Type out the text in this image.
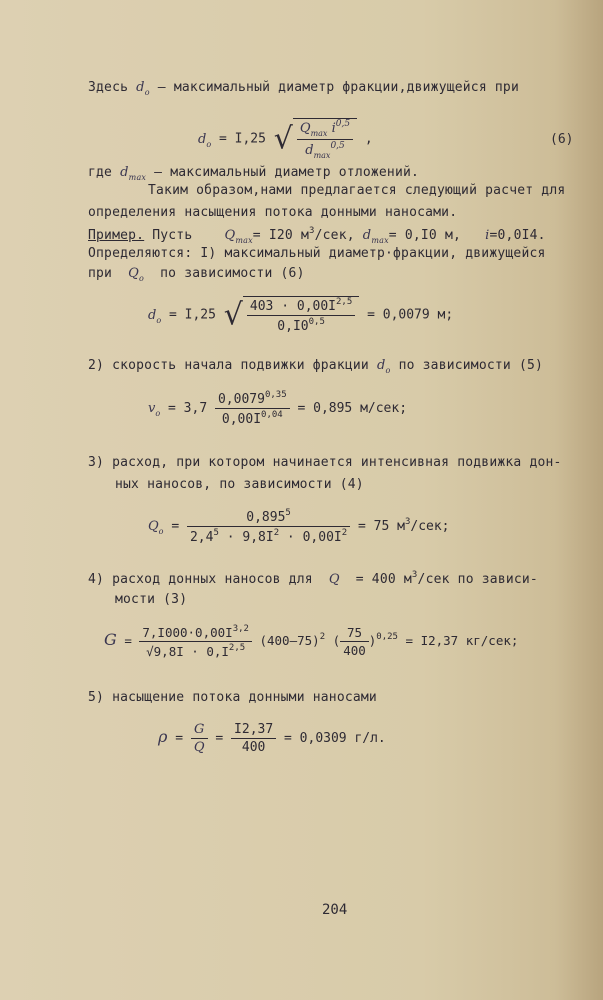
Здесь $d_o$ – максимальный диаметр фракции,движущейся при
$d_o = I,25$ √ $\frac{Q_{max} i^{0,5}}{d_{max}^{0,5}}$ ,	(6)
где $d_{max}$ – максимальный диаметр отложений.
Таким образом,нами предлагается следующий расчет для
определения насыщения потока донными наносами.
Пример. Пусть $Q_{max}= I20$ $м^3$/сек, $d_{max}= 0,I0$ м, i=0,0I4.
Определяются: I) максимальный диаметр·фракции, движущейся
при $Q_o$ по зависимости (6)
$d_o = I,25$ √ $\frac{403 \cdot 0,00I^{2,5}}{0,I0^{0,5}} = 0,0079$ м;
2) скорость начала подвижки фракции $d_o$ по зависимости (5)
$v_o = 3,7 \frac{0,0079^{0,35}}{0,00I^{0,04}} = 0,895$ м/сек;
3) расход, при котором начинается интенсивная подвижка дон-
ных наносов, по зависимости (4)
$Q_o = \frac{0,895^5}{2,4^5 \cdot 9,8I^2 \cdot 0,00I^2} = 75$ $м^3$/сек;
4) расход донных наносов для Q = 400 $м^3$/сек по зависи-
мости (3)
$G = \frac{7,I000\cdot 0,00I^{3,2}}{√9,8I \cdot 0,I^{2,5}} (400-75)^2$ ( $\frac{75}{400} )^{0,25} = I2,37$ кг/сек;
5) насыщение потока донными наносами
$\rho = \frac{G}{Q} = \frac{I2,37}{400} = 0,0309$ г/л.
204
